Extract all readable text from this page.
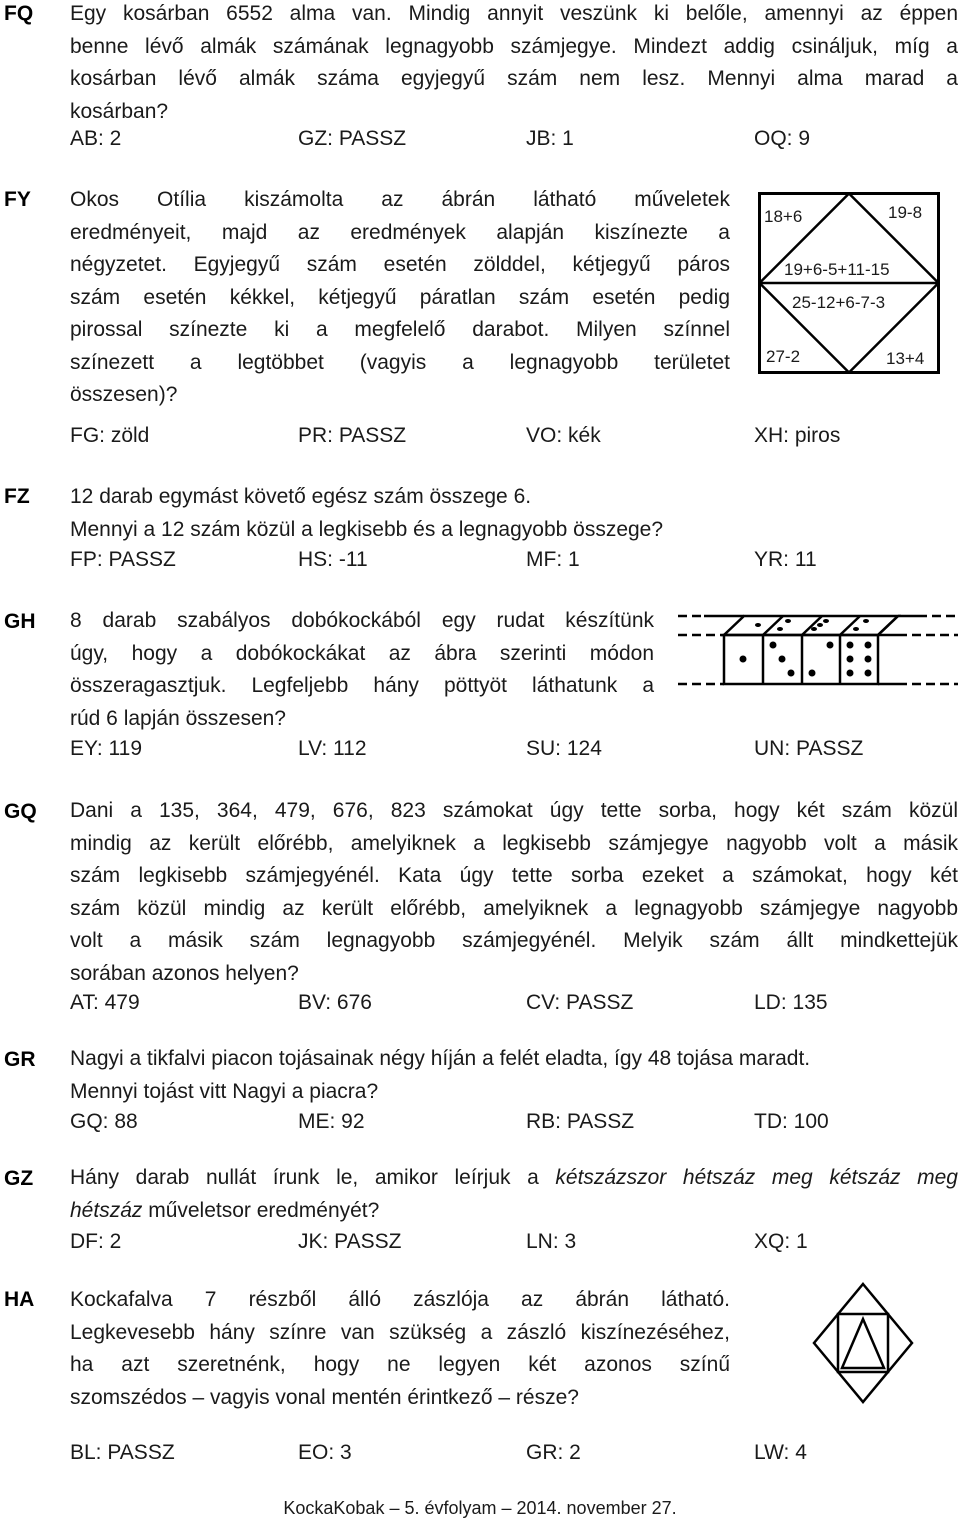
FQ Egy kosárban 6552 alma van. Mindig annyit veszünk ki belőle, amennyi az éppen
benne lévő almák számának legnagyobb számjegye. Mindezt addig csináljuk, míg a
kosárban lévő almák száma egyjegyű szám nem lesz. Mennyi alma marad a
kosárban?
AB: 2	GZ: PASSZ	JB: 1	OQ: 9
FY Okos Otília kiszámolta az ábrán látható műveletek
eredményeit, majd az eredmények alapján kiszínezte a
négyzetet. Egyjegyű szám esetén zölddel, kétjegyű páros
szám esetén kékkel, kétjegyű páratlan szám esetén pedig
pirossal színezte ki a megfelelő darabot. Milyen színnel
színezett a legtöbbet (vagyis a legnagyobb területet
összesen)?
18+6	19-8
19+6-5+11-15
25-12+6-7-3
27-2	13+4
FG: zöld	PR: PASSZ	VO: kék	XH: piros
FZ 12 darab egymást követő egész szám összege 6.
Mennyi a 12 szám közül a legkisebb és a legnagyobb összege?
FP: PASSZ	HS: -11	MF: 1	YR: 11
GH 8 darab szabályos dobókockából egy rudat készítünk
úgy, hogy a dobókockákat az ábra szerinti módon
összeragasztjuk. Legfeljebb hány pöttyöt láthatunk a
rúd 6 lapján összesen?
EY: 119	LV: 112	SU: 124	UN: PASSZ
GQ Dani a 135, 364, 479, 676, 823 számokat úgy tette sorba, hogy két szám közül
mindig az került előrébb, amelyiknek a legkisebb számjegye nagyobb volt a másik
szám legkisebb számjegyénél. Kata úgy tette sorba ezeket a számokat, hogy két
szám közül mindig az került előrébb, amelyiknek a legnagyobb számjegye nagyobb
volt a másik szám legnagyobb számjegyénél. Melyik szám állt mindkettejük
sorában azonos helyen?
AT: 479	BV: 676	CV: PASSZ	LD: 135
GR Nagyi a tikfalvi piacon tojásainak négy híján a felét eladta, így 48 tojása maradt.
Mennyi tojást vitt Nagyi a piacra?
GQ: 88	ME: 92	RB: PASSZ	TD: 100
GZ Hány darab nullát írunk le, amikor leírjuk a kétszázszor hétszáz meg kétszáz meg
hétszáz műveletsor eredményét?
DF: 2	JK: PASSZ	LN: 3	XQ: 1
HA Kockafalva 7 részből álló zászlója az ábrán látható.
Legkevesebb hány színre van szükség a zászló kiszínezéséhez,
ha azt szeretnénk, hogy ne legyen két azonos színű
szomszédos – vagyis vonal mentén érintkező – része?
BL: PASSZ	EO: 3	GR: 2	LW: 4
KockaKobak – 5. évfolyam – 2014. november 27.
